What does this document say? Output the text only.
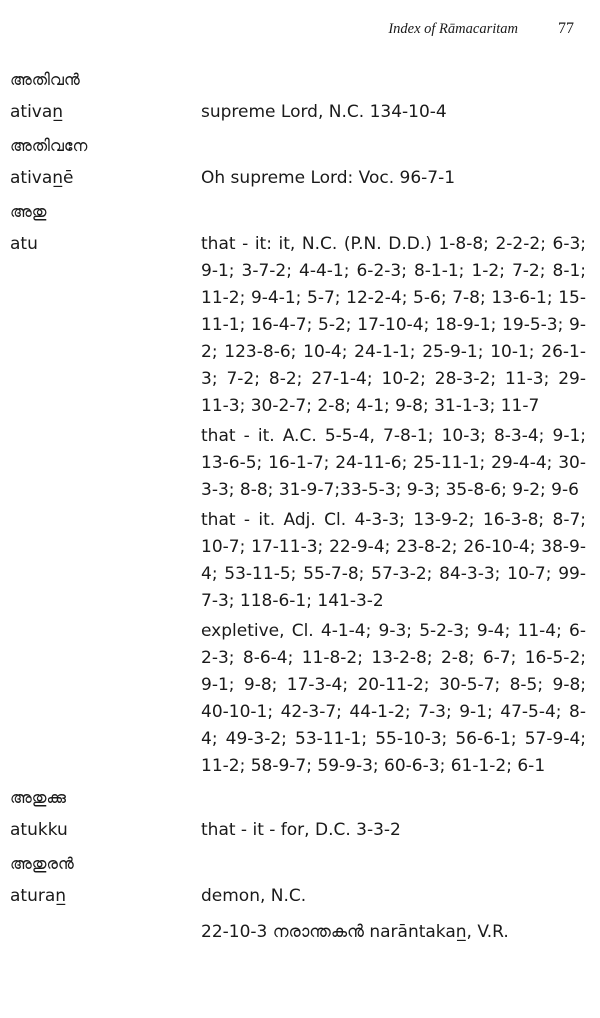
Index of Rāmacaritam	77
അതിവൻ
ativan̲	supreme Lord, N.C. 134-10-4
അതിവനേ
ativan̲ē	Oh supreme Lord: Voc. 96-7-1
അതു
atu	that - it: it, N.C. (P.N. D.D.) 1-8-8; 2-2-2; 6-3; 9-1; 3-7-2; 4-4-1; 6-2-3; 8-1-1; 1-2; 7-2; 8-1; 11-2; 9-4-1; 5-7; 12-2-4; 5-6; 7-8; 13-6-1; 15-11-1; 16-4-7; 5-2; 17-10-4; 18-9-1; 19-5-3; 9-2; 123-8-6; 10-4; 24-1-1; 25-9-1; 10-1; 26-1-3; 7-2; 8-2; 27-1-4; 10-2; 28-3-2; 11-3; 29-11-3; 30-2-7; 2-8; 4-1; 9-8; 31-1-3; 11-7
that - it. A.C. 5-5-4, 7-8-1; 10-3; 8-3-4; 9-1; 13-6-5; 16-1-7; 24-11-6; 25-11-1; 29-4-4; 30-3-3; 8-8; 31-9-7;33-5-3; 9-3; 35-8-6; 9-2; 9-6
that - it. Adj. Cl. 4-3-3; 13-9-2; 16-3-8; 8-7; 10-7; 17-11-3; 22-9-4; 23-8-2; 26-10-4; 38-9-4; 53-11-5; 55-7-8; 57-3-2; 84-3-3; 10-7; 99-7-3; 118-6-1; 141-3-2
expletive, Cl. 4-1-4; 9-3; 5-2-3; 9-4; 11-4; 6-2-3; 8-6-4; 11-8-2; 13-2-8; 2-8; 6-7; 16-5-2; 9-1; 9-8; 17-3-4; 20-11-2; 30-5-7; 8-5; 9-8; 40-10-1; 42-3-7; 44-1-2; 7-3; 9-1; 47-5-4; 8-4; 49-3-2; 53-11-1; 55-10-3; 56-6-1; 57-9-4; 11-2; 58-9-7; 59-9-3; 60-6-3; 61-1-2; 6-1
അതുക്കു
atukku	that - it - for, D.C. 3-3-2
അതുരൻ
aturan̲	demon, N.C.
22-10-3 നരാന്തകൻ narāntakan̲, V.R.
